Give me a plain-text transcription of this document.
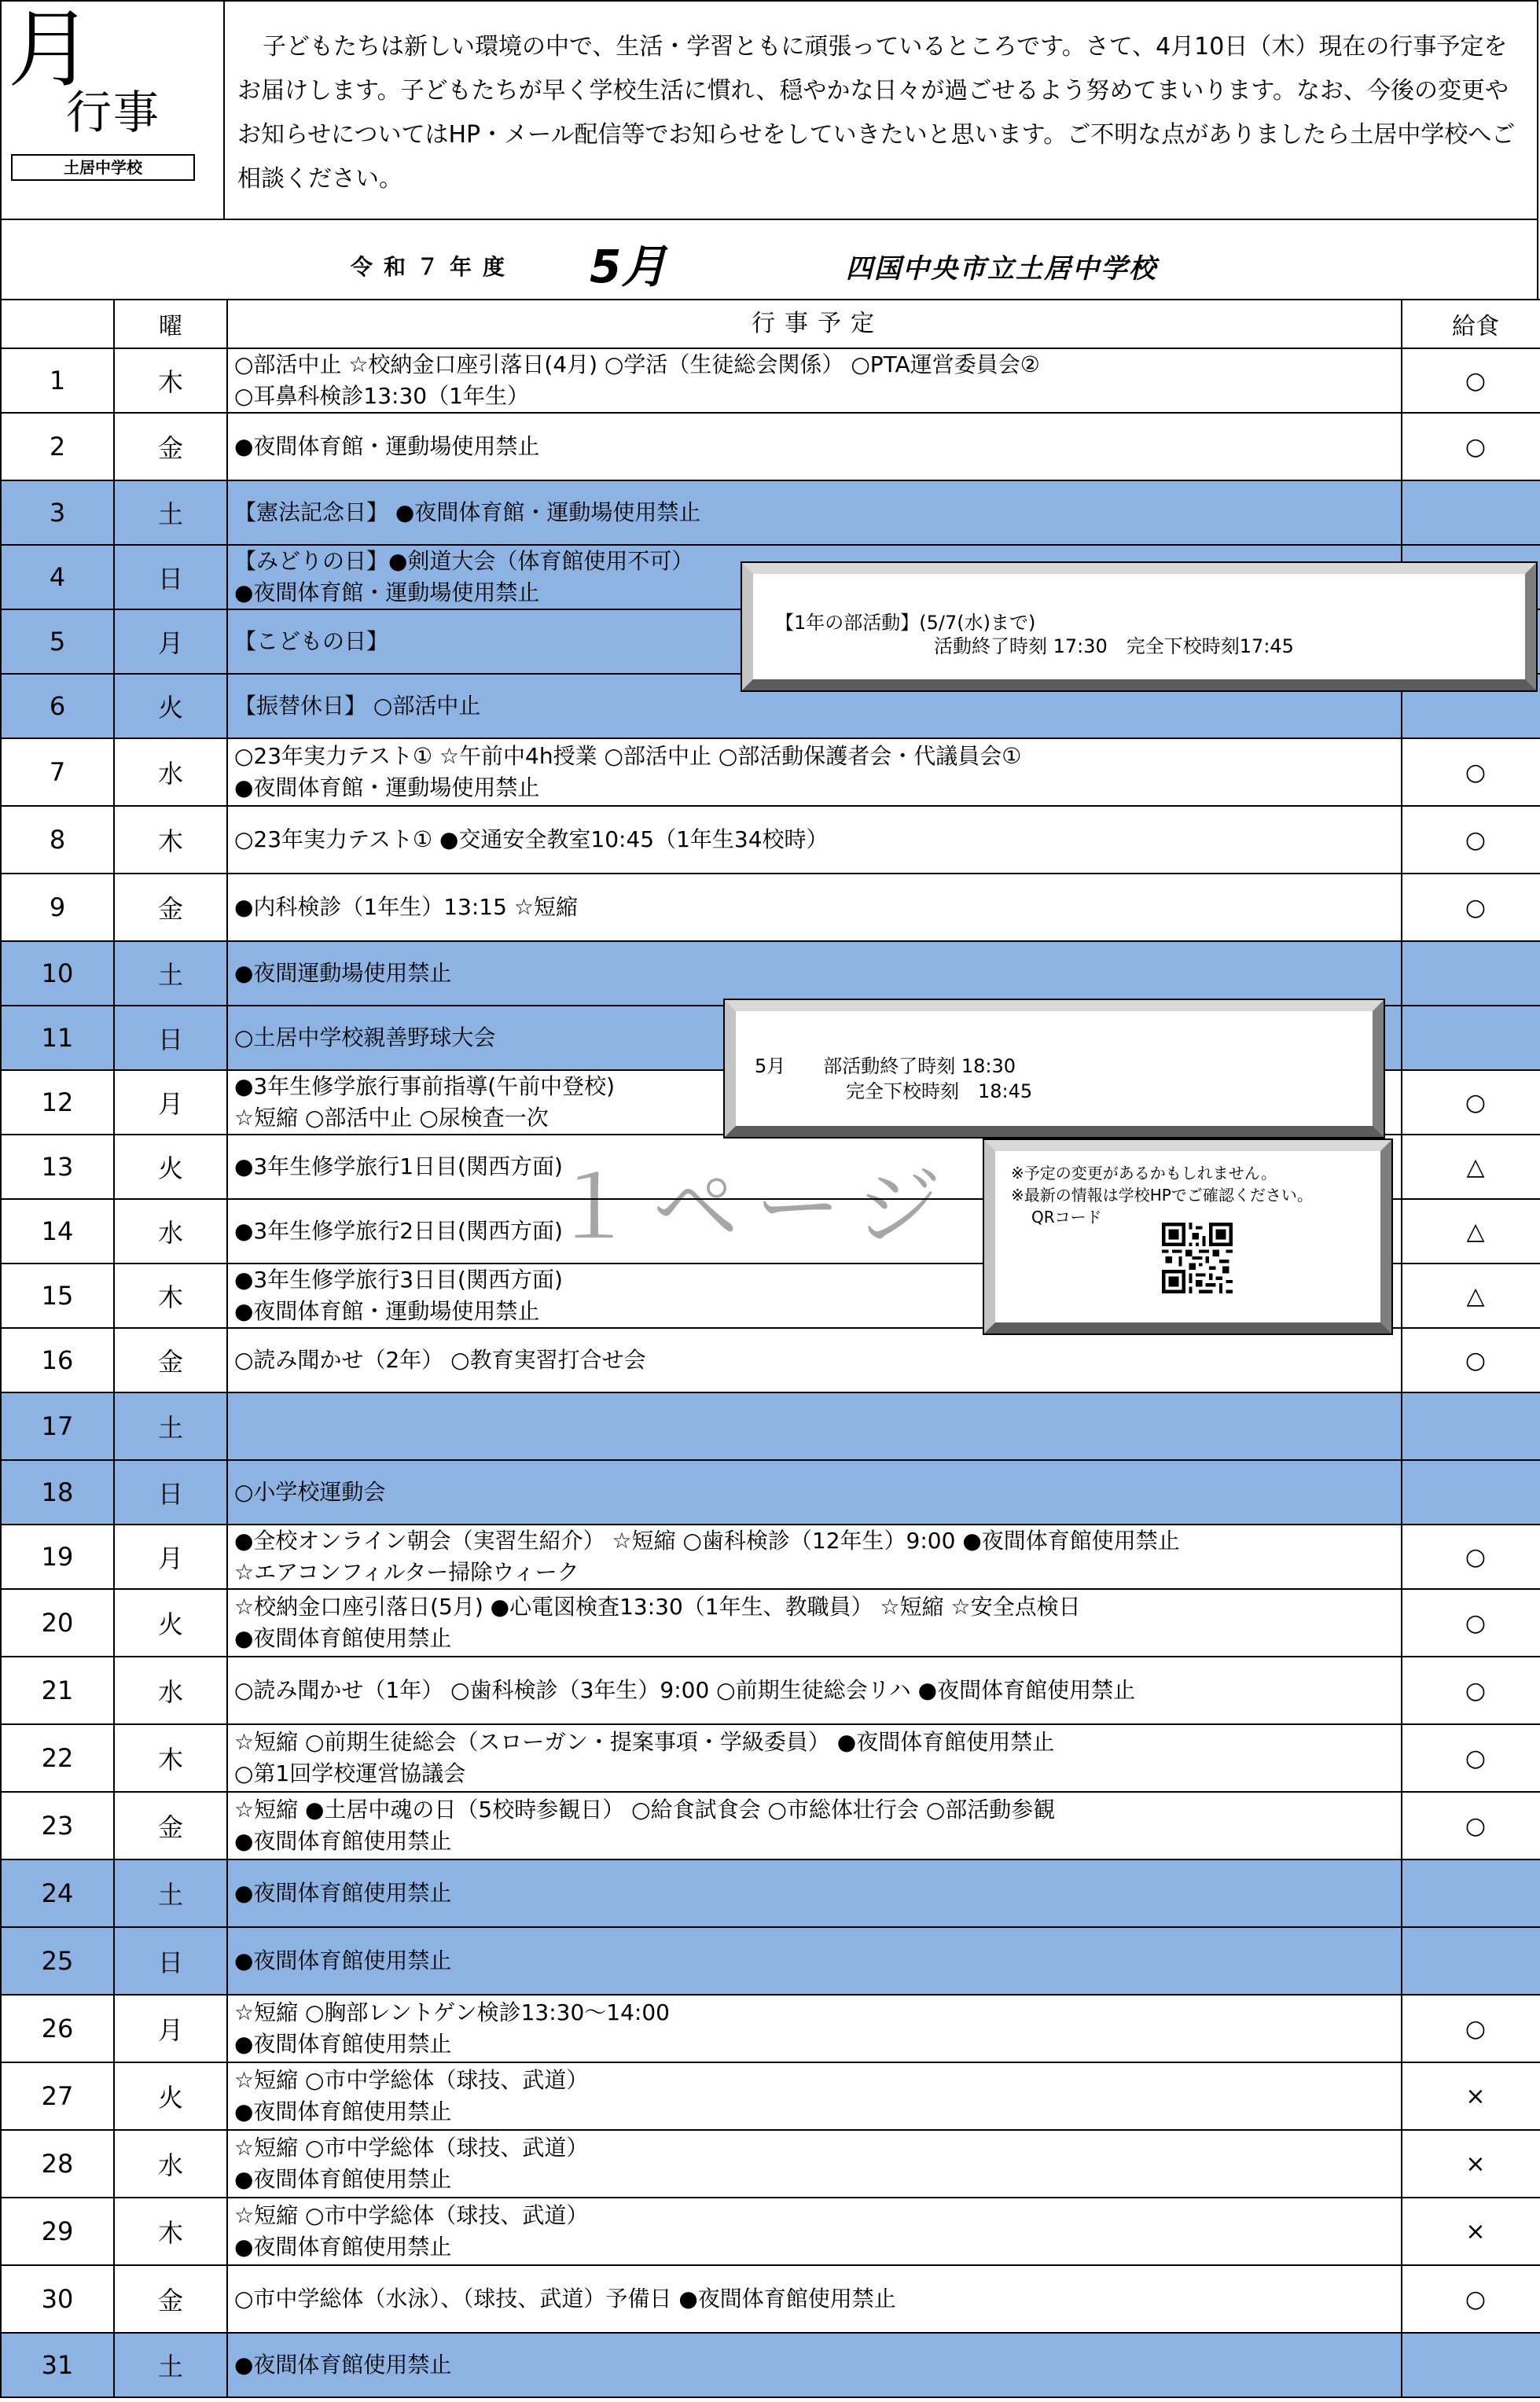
月
行事
土居中学校
子どもたちは新しい環境の中で、生活・学習ともに頑張っているところです。さて、4月10日（木）現在の行事予定をお届けします。子どもたちが早く学校生活に慣れ、穏やかな日々が過ごせるよう努めてまいります。なお、今後の変更やお知らせについてはHP・メール配信等でお知らせをしていきたいと思います。ご不明な点がありましたら土居中学校へご相談ください。
令和７年度 5月	四国中央市立土居中学校
	曜	行事予定	給食
1	木	○部活中止 ☆校納金口座引落日(4月) ○学活（生徒総会関係） ○PTA運営委員会②
○耳鼻科検診13:30（1年生）	○
2	金	●夜間体育館・運動場使用禁止	○
3	土	【憲法記念日】 ●夜間体育館・運動場使用禁止	

4	日	【みどりの日】●剣道大会（体育館使用不可）
●夜間体育館・運動場使用禁止	

5	月	【こどもの日】	

6	火	【振替休日】 ○部活中止	

7	水	○23年実力テスト① ☆午前中4h授業 ○部活中止 ○部活動保護者会・代議員会①
●夜間体育館・運動場使用禁止	○
8	木	○23年実力テスト① ●交通安全教室10:45（1年生34校時）	○
9	金	●内科検診（1年生）13:15 ☆短縮	○
10	土	●夜間運動場使用禁止	

11	日	○土居中学校親善野球大会	

12	月	●3年生修学旅行事前指導(午前中登校)
☆短縮 ○部活中止 ○尿検査一次	○
13	火	●3年生修学旅行1日目(関西方面)	△
14	水	●3年生修学旅行2日目(関西方面)	△
15	木	●3年生修学旅行3日目(関西方面)
●夜間体育館・運動場使用禁止	△
16	金	○読み聞かせ（2年） ○教育実習打合せ会	○
17	土		
18	日	○小学校運動会	

19	月	●全校オンライン朝会（実習生紹介） ☆短縮 ○歯科検診（12年生）9:00 ●夜間体育館使用禁止
☆エアコンフィルター掃除ウィーク	○
20	火	☆校納金口座引落日(5月) ●心電図検査13:30（1年生、教職員） ☆短縮 ☆安全点検日
●夜間体育館使用禁止	○
21	水	○読み聞かせ（1年） ○歯科検診（3年生）9:00 ○前期生徒総会リハ ●夜間体育館使用禁止	○
22	木	☆短縮 ○前期生徒総会（スローガン・提案事項・学級委員） ●夜間体育館使用禁止
○第1回学校運営協議会	○
23	金	☆短縮 ●土居中魂の日（5校時参観日） ○給食試食会 ○市総体壮行会 ○部活動参観
●夜間体育館使用禁止	○
24	土	●夜間体育館使用禁止	

25	日	●夜間体育館使用禁止	

26	月	☆短縮 ○胸部レントゲン検診13:30～14:00
●夜間体育館使用禁止	○
27	火	☆短縮 ○市中学総体（球技、武道）
●夜間体育館使用禁止	×
28	水	☆短縮 ○市中学総体（球技、武道）
●夜間体育館使用禁止	×
29	木	☆短縮 ○市中学総体（球技、武道）
●夜間体育館使用禁止	×
30	金	○市中学総体（水泳）、（球技、武道）予備日 ●夜間体育館使用禁止	○
31	土	●夜間体育館使用禁止	

１ページ
【1年の部活動】(5/7(水)まで)
活動終了時刻 17:30　完全下校時刻17:45
5月　　部活動終了時刻 18:30
完全下校時刻　18:45
※予定の変更があるかもしれません。
※最新の情報は学校HPでご確認ください。
QRコード
